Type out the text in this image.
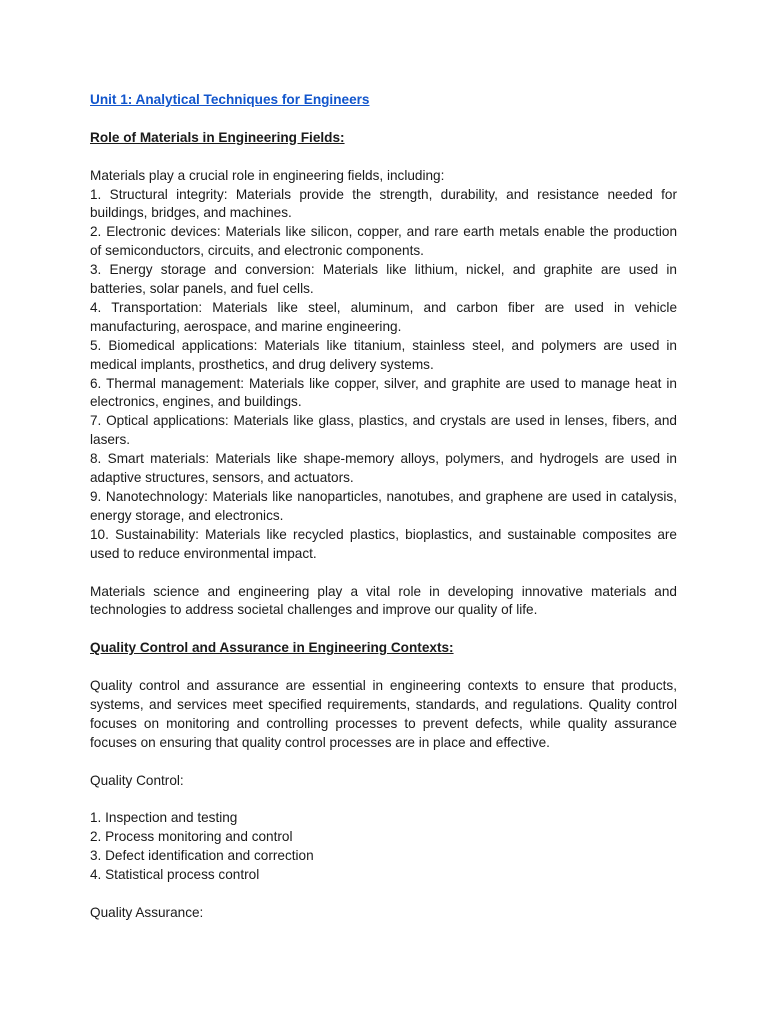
Unit 1: Analytical Techniques for Engineers

Role of Materials in Engineering Fields:

Materials play a crucial role in engineering fields, including:

1. Structural integrity: Materials provide the strength, durability, and resistance needed for buildings, bridges, and machines.

2. Electronic devices: Materials like silicon, copper, and rare earth metals enable the production of semiconductors, circuits, and electronic components.

3. Energy storage and conversion: Materials like lithium, nickel, and graphite are used in batteries, solar panels, and fuel cells.

4. Transportation: Materials like steel, aluminum, and carbon fiber are used in vehicle manufacturing, aerospace, and marine engineering.

5. Biomedical applications: Materials like titanium, stainless steel, and polymers are used in medical implants, prosthetics, and drug delivery systems.

6. Thermal management: Materials like copper, silver, and graphite are used to manage heat in electronics, engines, and buildings.

7. Optical applications: Materials like glass, plastics, and crystals are used in lenses, fibers, and lasers.

8. Smart materials: Materials like shape-memory alloys, polymers, and hydrogels are used in adaptive structures, sensors, and actuators.

9. Nanotechnology: Materials like nanoparticles, nanotubes, and graphene are used in catalysis, energy storage, and electronics.

10. Sustainability: Materials like recycled plastics, bioplastics, and sustainable composites are used to reduce environmental impact.

Materials science and engineering play a vital role in developing innovative materials and technologies to address societal challenges and improve our quality of life.

Quality Control and Assurance in Engineering Contexts:

Quality control and assurance are essential in engineering contexts to ensure that products, systems, and services meet specified requirements, standards, and regulations. Quality control focuses on monitoring and controlling processes to prevent defects, while quality assurance focuses on ensuring that quality control processes are in place and effective.

Quality Control:

1. Inspection and testing

2. Process monitoring and control

3. Defect identification and correction

4. Statistical process control

Quality Assurance:
